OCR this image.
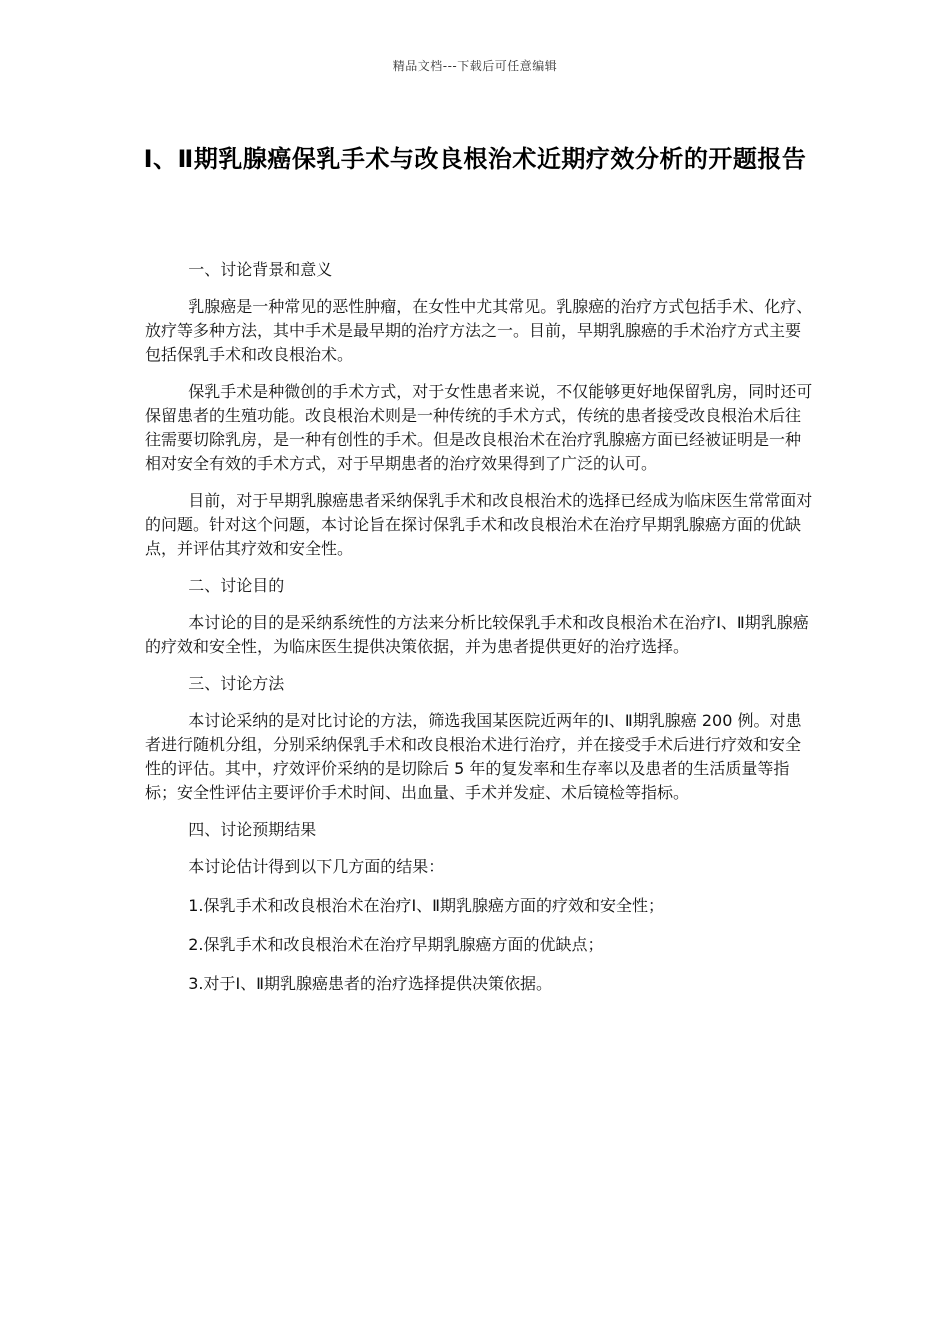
精品文档---下载后可任意编辑
Ⅰ、Ⅱ期乳腺癌保乳手术与改良根治术近期疗效分析的开题报告

一、讨论背景和意义

乳腺癌是一种常见的恶性肿瘤，在女性中尤其常见。乳腺癌的治疗方式包括手术、化疗、放疗等多种方法，其中手术是最早期的治疗方法之一。目前，早期乳腺癌的手术治疗方式主要包括保乳手术和改良根治术。

保乳手术是种微创的手术方式，对于女性患者来说，不仅能够更好地保留乳房，同时还可保留患者的生殖功能。改良根治术则是一种传统的手术方式，传统的患者接受改良根治术后往往需要切除乳房，是一种有创性的手术。但是改良根治术在治疗乳腺癌方面已经被证明是一种相对安全有效的手术方式，对于早期患者的治疗效果得到了广泛的认可。

目前，对于早期乳腺癌患者采纳保乳手术和改良根治术的选择已经成为临床医生常常面对的问题。针对这个问题，本讨论旨在探讨保乳手术和改良根治术在治疗早期乳腺癌方面的优缺点，并评估其疗效和安全性。

二、讨论目的

本讨论的目的是采纳系统性的方法来分析比较保乳手术和改良根治术在治疗Ⅰ、Ⅱ期乳腺癌的疗效和安全性，为临床医生提供决策依据，并为患者提供更好的治疗选择。

三、讨论方法

本讨论采纳的是对比讨论的方法，筛选我国某医院近两年的Ⅰ、Ⅱ期乳腺癌 200 例。对患者进行随机分组，分别采纳保乳手术和改良根治术进行治疗，并在接受手术后进行疗效和安全性的评估。其中，疗效评价采纳的是切除后 5 年的复发率和生存率以及患者的生活质量等指标；安全性评估主要评价手术时间、出血量、手术并发症、术后镜检等指标。

四、讨论预期结果

本讨论估计得到以下几方面的结果：

1.保乳手术和改良根治术在治疗Ⅰ、Ⅱ期乳腺癌方面的疗效和安全性；

2.保乳手术和改良根治术在治疗早期乳腺癌方面的优缺点；

3.对于Ⅰ、Ⅱ期乳腺癌患者的治疗选择提供决策依据。
